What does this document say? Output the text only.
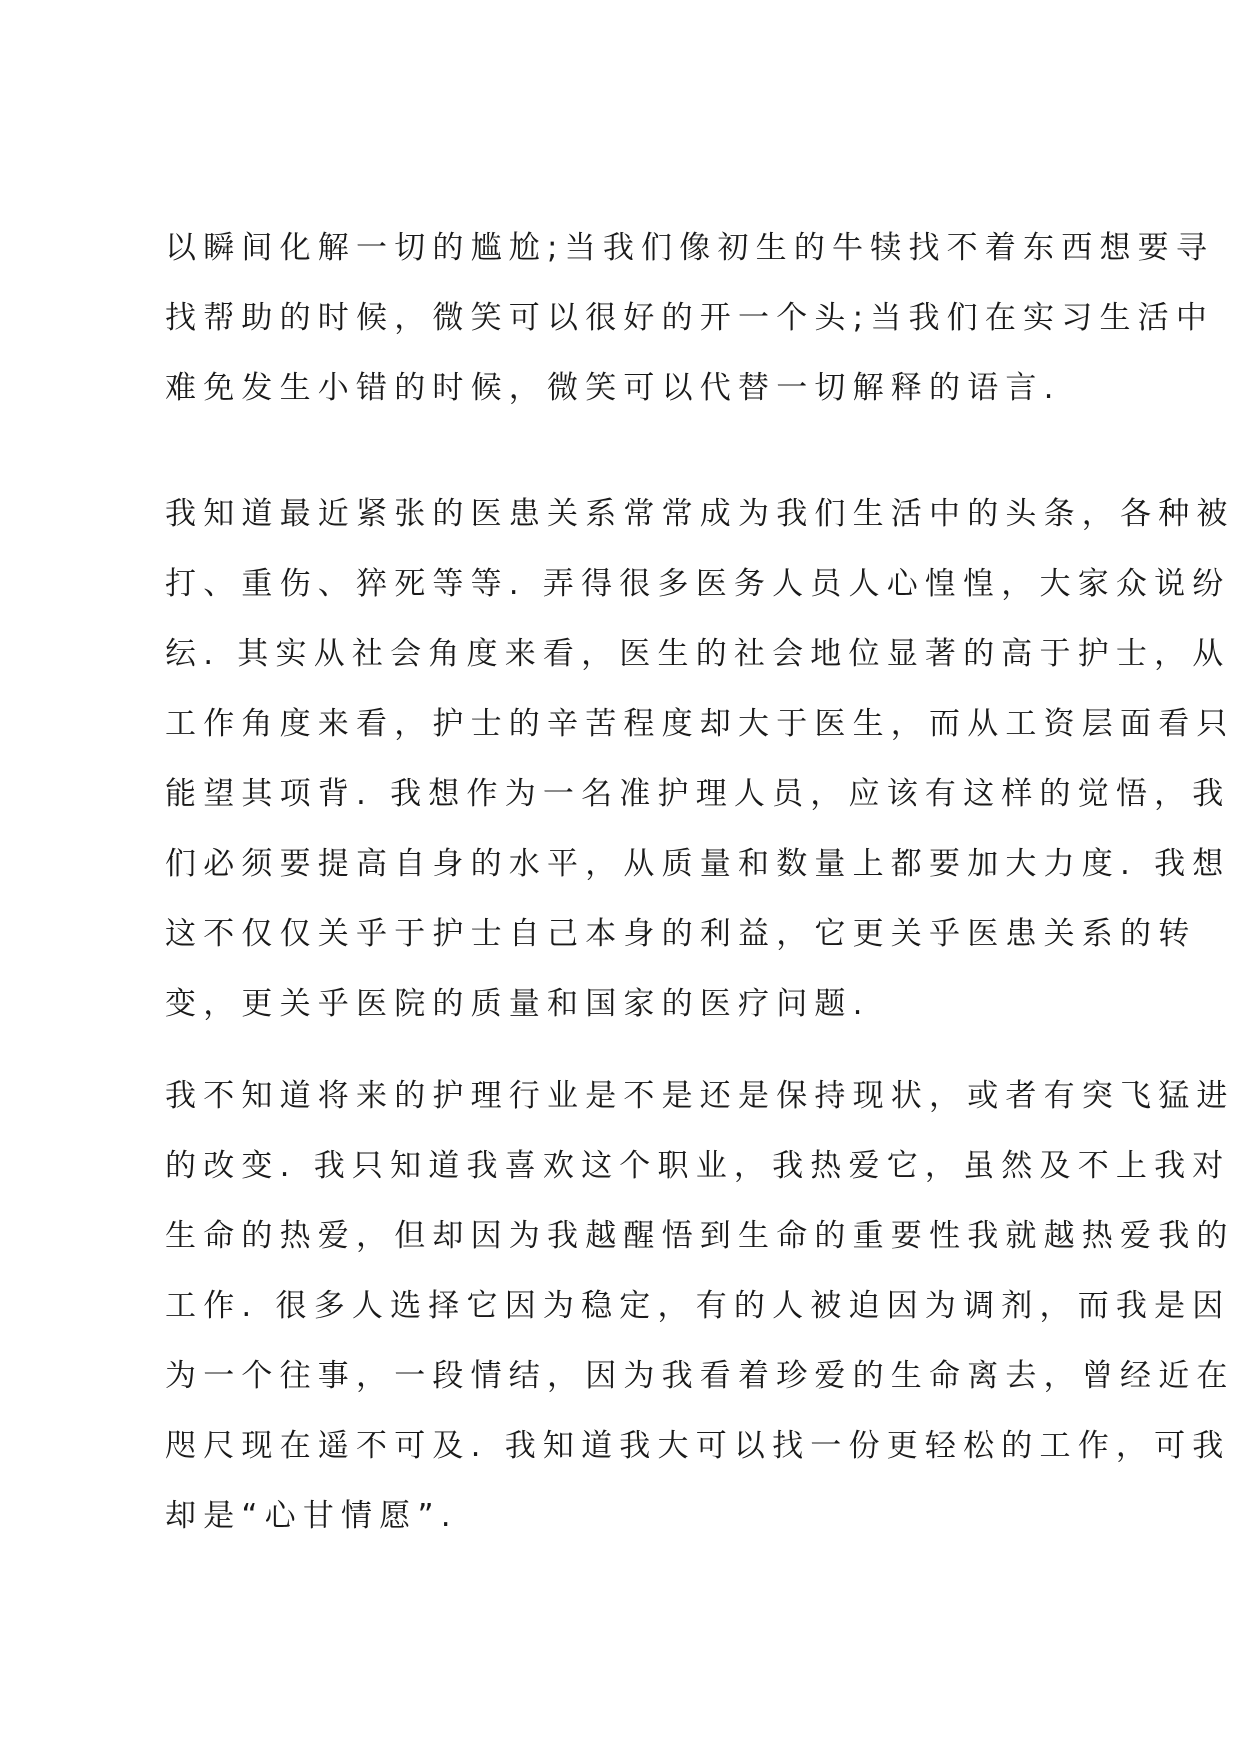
以瞬间化解一切的尴尬;当我们像初生的牛犊找不着东西想要寻
找帮助的时候，微笑可以很好的开一个头;当我们在实习生活中
难免发生小错的时候，微笑可以代替一切解释的语言.
我知道最近紧张的医患关系常常成为我们生活中的头条，各种被
打、重伤、猝死等等. 弄得很多医务人员人心惶惶，大家众说纷
纭. 其实从社会角度来看，医生的社会地位显著的高于护士，从
工作角度来看，护士的辛苦程度却大于医生，而从工资层面看只
能望其项背. 我想作为一名准护理人员，应该有这样的觉悟，我
们必须要提高自身的水平，从质量和数量上都要加大力度. 我想
这不仅仅关乎于护士自己本身的利益，它更关乎医患关系的转
变，更关乎医院的质量和国家的医疗问题.
我不知道将来的护理行业是不是还是保持现状，或者有突飞猛进
的改变. 我只知道我喜欢这个职业，我热爱它，虽然及不上我对
生命的热爱，但却因为我越醒悟到生命的重要性我就越热爱我的
工作. 很多人选择它因为稳定，有的人被迫因为调剂，而我是因
为一个往事，一段情结，因为我看着珍爱的生命离去，曾经近在
咫尺现在遥不可及. 我知道我大可以找一份更轻松的工作，可我
却是“心甘情愿”.
